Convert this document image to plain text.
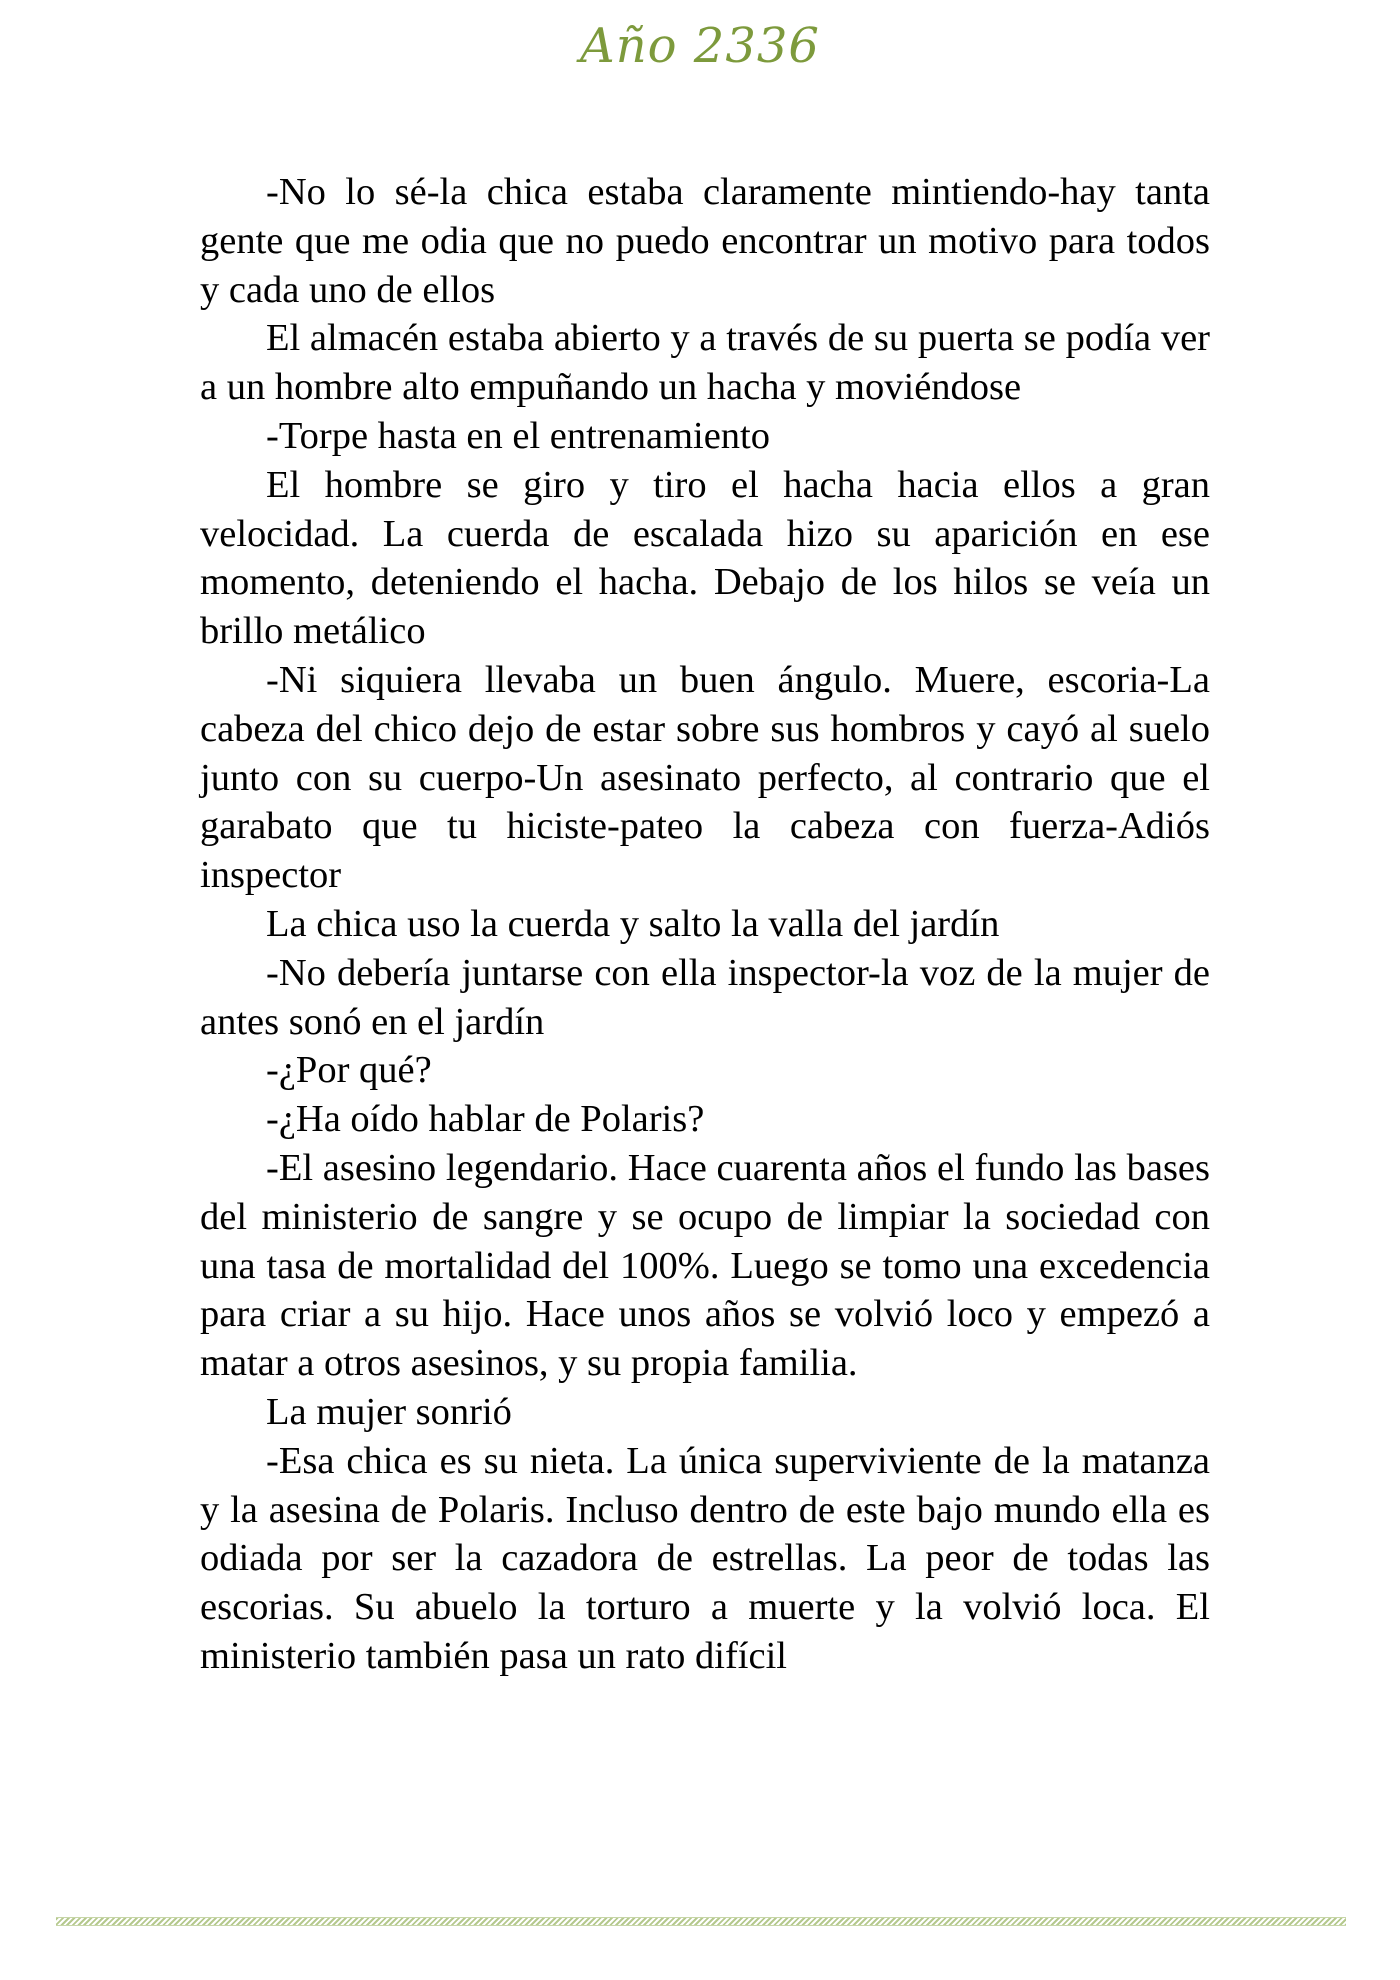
Año 2336

-No lo sé-la chica estaba claramente mintiendo-hay tanta gente que me odia que no puedo encontrar un motivo para todos y cada uno de ellos

El almacén estaba abierto y a través de su puerta se podía ver a un hombre alto empuñando un hacha y moviéndose

-Torpe hasta en el entrenamiento

El hombre se giro y tiro el hacha hacia ellos a gran velocidad. La cuerda de escalada hizo su aparición en ese momento, deteniendo el hacha. Debajo de los hilos se veía un brillo metálico

-Ni siquiera llevaba un buen ángulo. Muere, escoria-La cabeza del chico dejo de estar sobre sus hombros y cayó al suelo junto con su cuerpo-Un asesinato perfecto, al contrario que el garabato que tu hiciste-pateo la cabeza con fuerza-Adiós inspector

La chica uso la cuerda y salto la valla del jardín

-No debería juntarse con ella inspector-la voz de la mujer de antes sonó en el jardín

-¿Por qué?

-¿Ha oído hablar de Polaris?

-El asesino legendario. Hace cuarenta años el fundo las bases del ministerio de sangre y se ocupo de limpiar la sociedad con una tasa de mortalidad del 100%. Luego se tomo una excedencia para criar a su hijo. Hace unos años se volvió loco y empezó a matar a otros asesinos, y su propia familia.

La mujer sonrió

-Esa chica es su nieta. La única superviviente de la matanza y la asesina de Polaris. Incluso dentro de este bajo mundo ella es odiada por ser la cazadora de estrellas. La peor de todas las escorias. Su abuelo la torturo a muerte y la volvió loca. El ministerio también pasa un rato difícil
